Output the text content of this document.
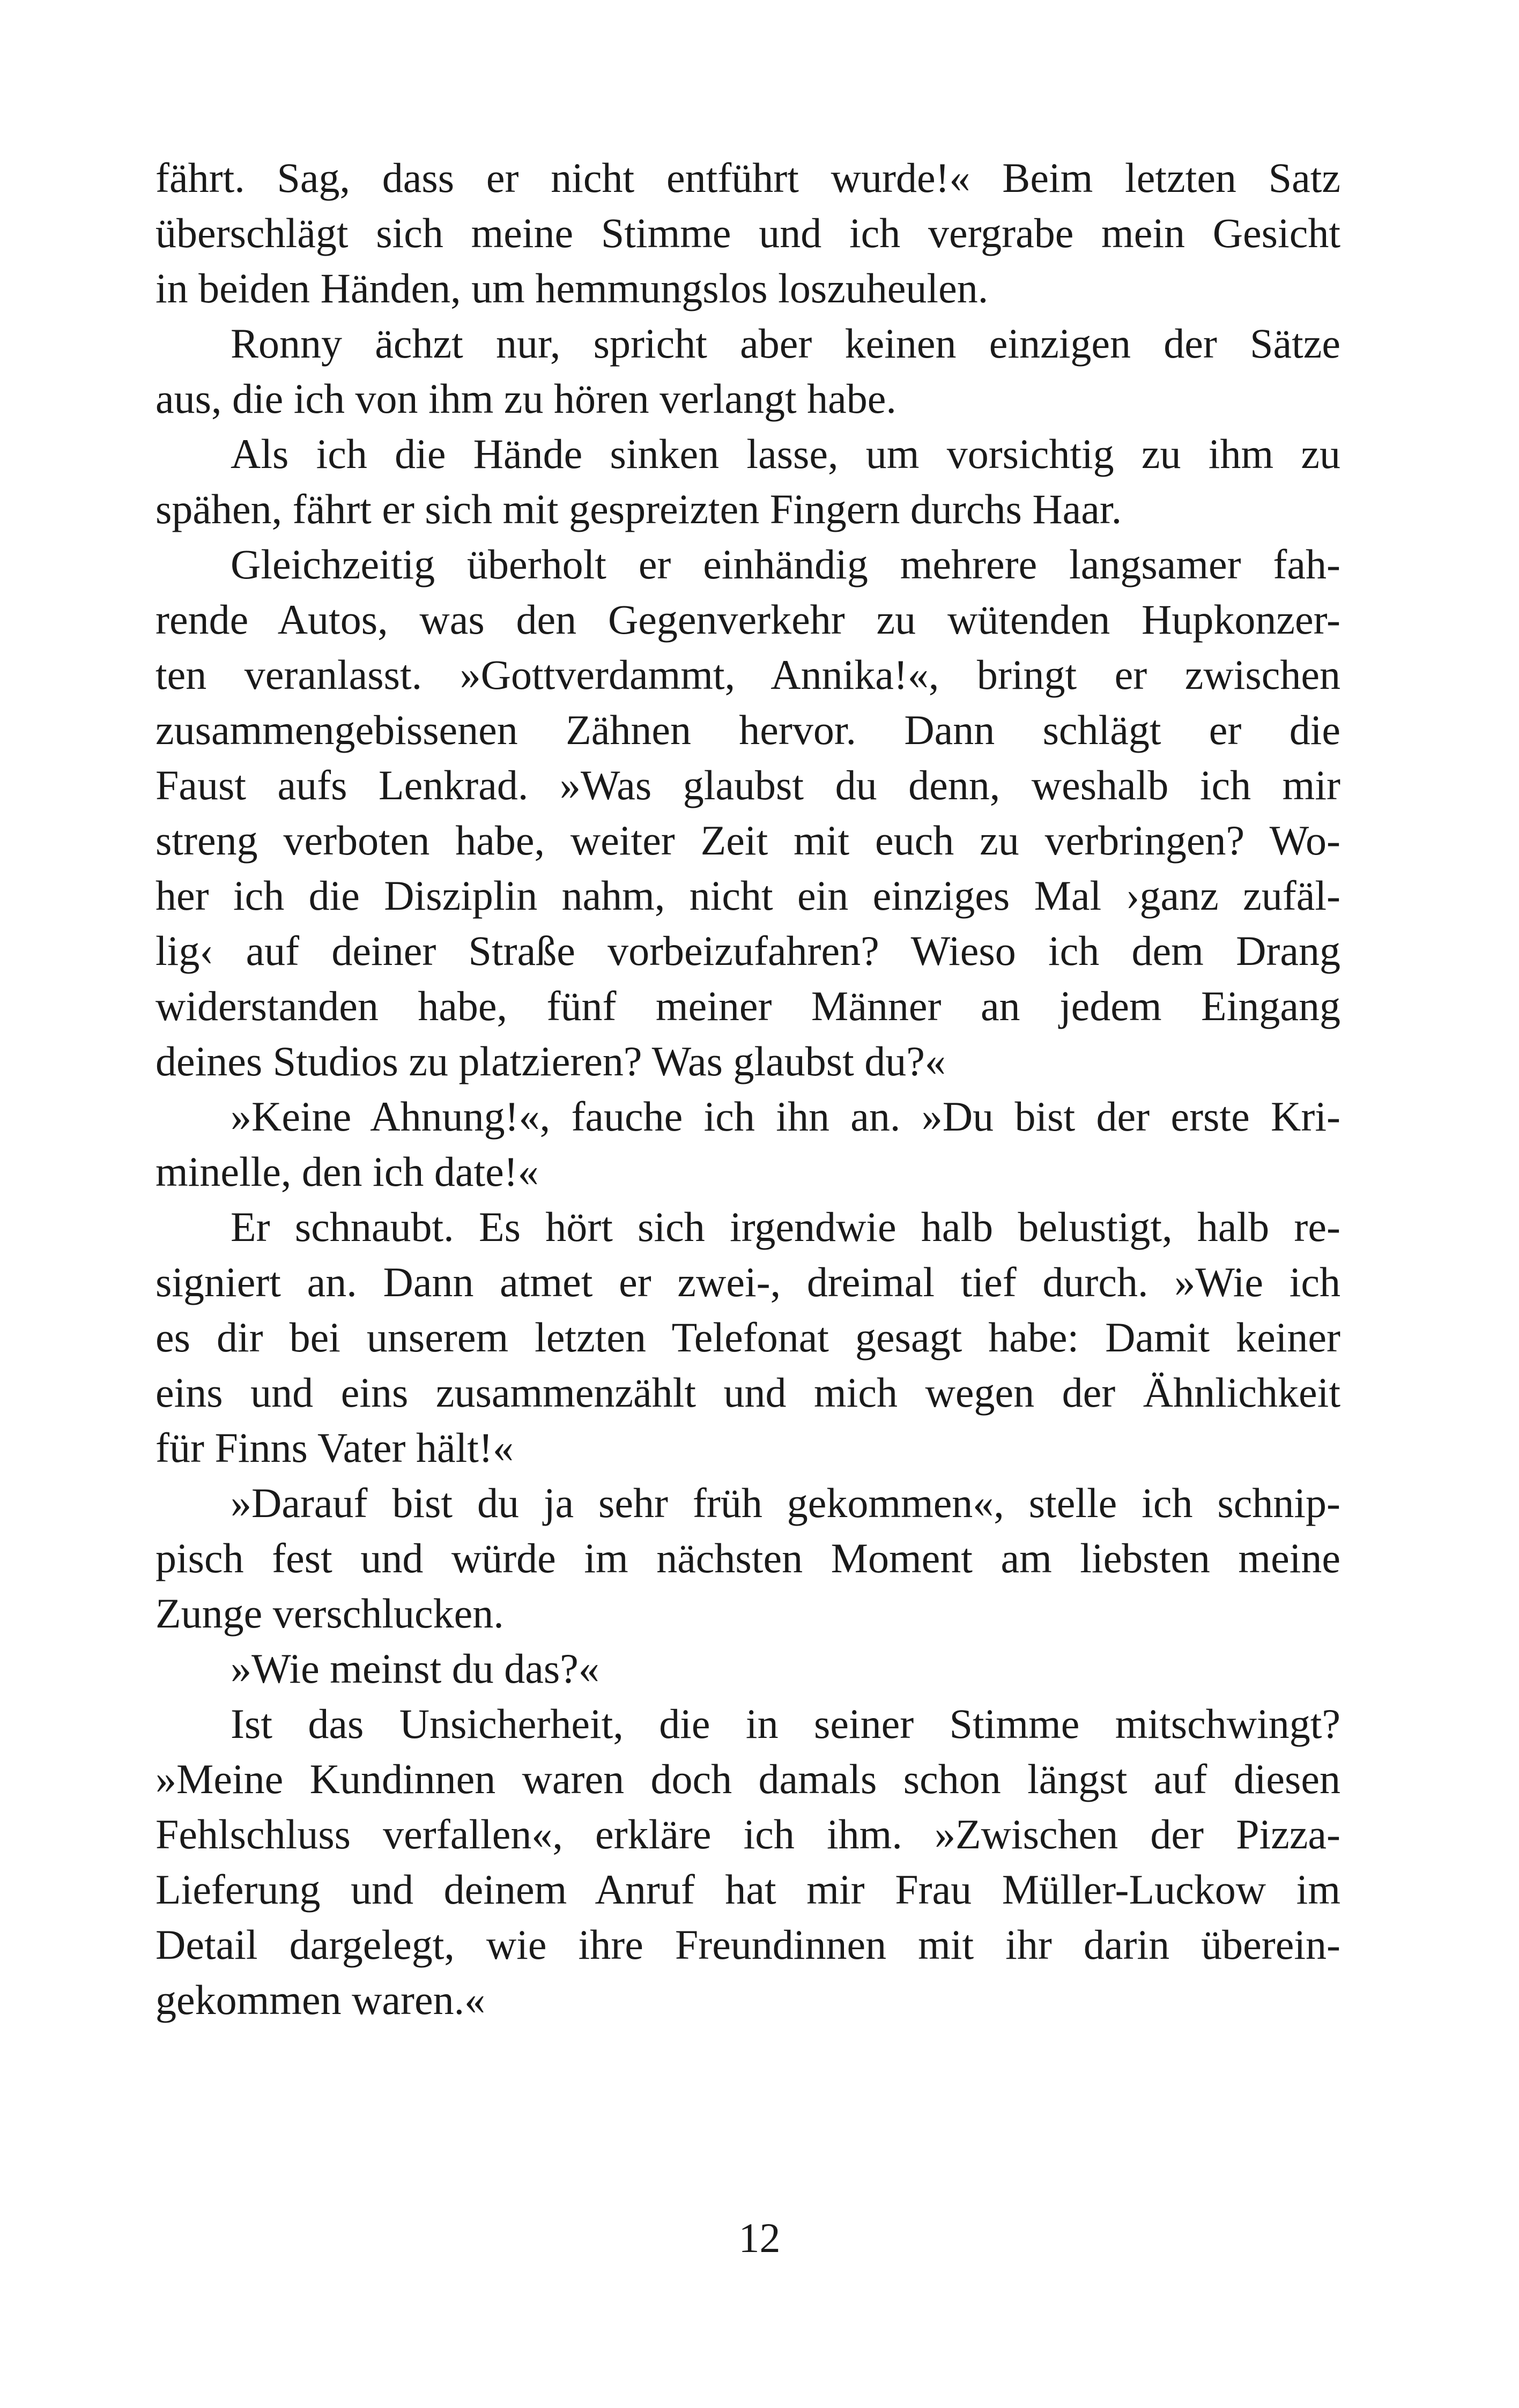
fährt. Sag, dass er nicht entführt wurde!« Beim letzten Satz
überschlägt sich meine Stimme und ich vergrabe mein Gesicht
in beiden Händen, um hemmungslos loszuheulen.
Ronny ächzt nur, spricht aber keinen einzigen der Sätze
aus, die ich von ihm zu hören verlangt habe.
Als ich die Hände sinken lasse, um vorsichtig zu ihm zu
spähen, fährt er sich mit gespreizten Fingern durchs Haar.
Gleichzeitig überholt er einhändig mehrere langsamer fah-
rende Autos, was den Gegenverkehr zu wütenden Hupkonzer-
ten veranlasst. »Gottverdammt, Annika!«, bringt er zwischen
zusammengebissenen Zähnen hervor. Dann schlägt er die
Faust aufs Lenkrad. »Was glaubst du denn, weshalb ich mir
streng verboten habe, weiter Zeit mit euch zu verbringen? Wo-
her ich die Disziplin nahm, nicht ein einziges Mal ›ganz zufäl-
lig‹ auf deiner Straße vorbeizufahren? Wieso ich dem Drang
widerstanden habe, fünf meiner Männer an jedem Eingang
deines Studios zu platzieren? Was glaubst du?«
»Keine Ahnung!«, fauche ich ihn an. »Du bist der erste Kri-
minelle, den ich date!«
Er schnaubt. Es hört sich irgendwie halb belustigt, halb re-
signiert an. Dann atmet er zwei-, dreimal tief durch. »Wie ich
es dir bei unserem letzten Telefonat gesagt habe: Damit keiner
eins und eins zusammenzählt und mich wegen der Ähnlichkeit
für Finns Vater hält!«
»Darauf bist du ja sehr früh gekommen«, stelle ich schnip-
pisch fest und würde im nächsten Moment am liebsten meine
Zunge verschlucken.
»Wie meinst du das?«
Ist das Unsicherheit, die in seiner Stimme mitschwingt?
»Meine Kundinnen waren doch damals schon längst auf diesen
Fehlschluss verfallen«, erkläre ich ihm. »Zwischen der Pizza-
Lieferung und deinem Anruf hat mir Frau Müller-Luckow im
Detail dargelegt, wie ihre Freundinnen mit ihr darin überein-
gekommen waren.«
12
